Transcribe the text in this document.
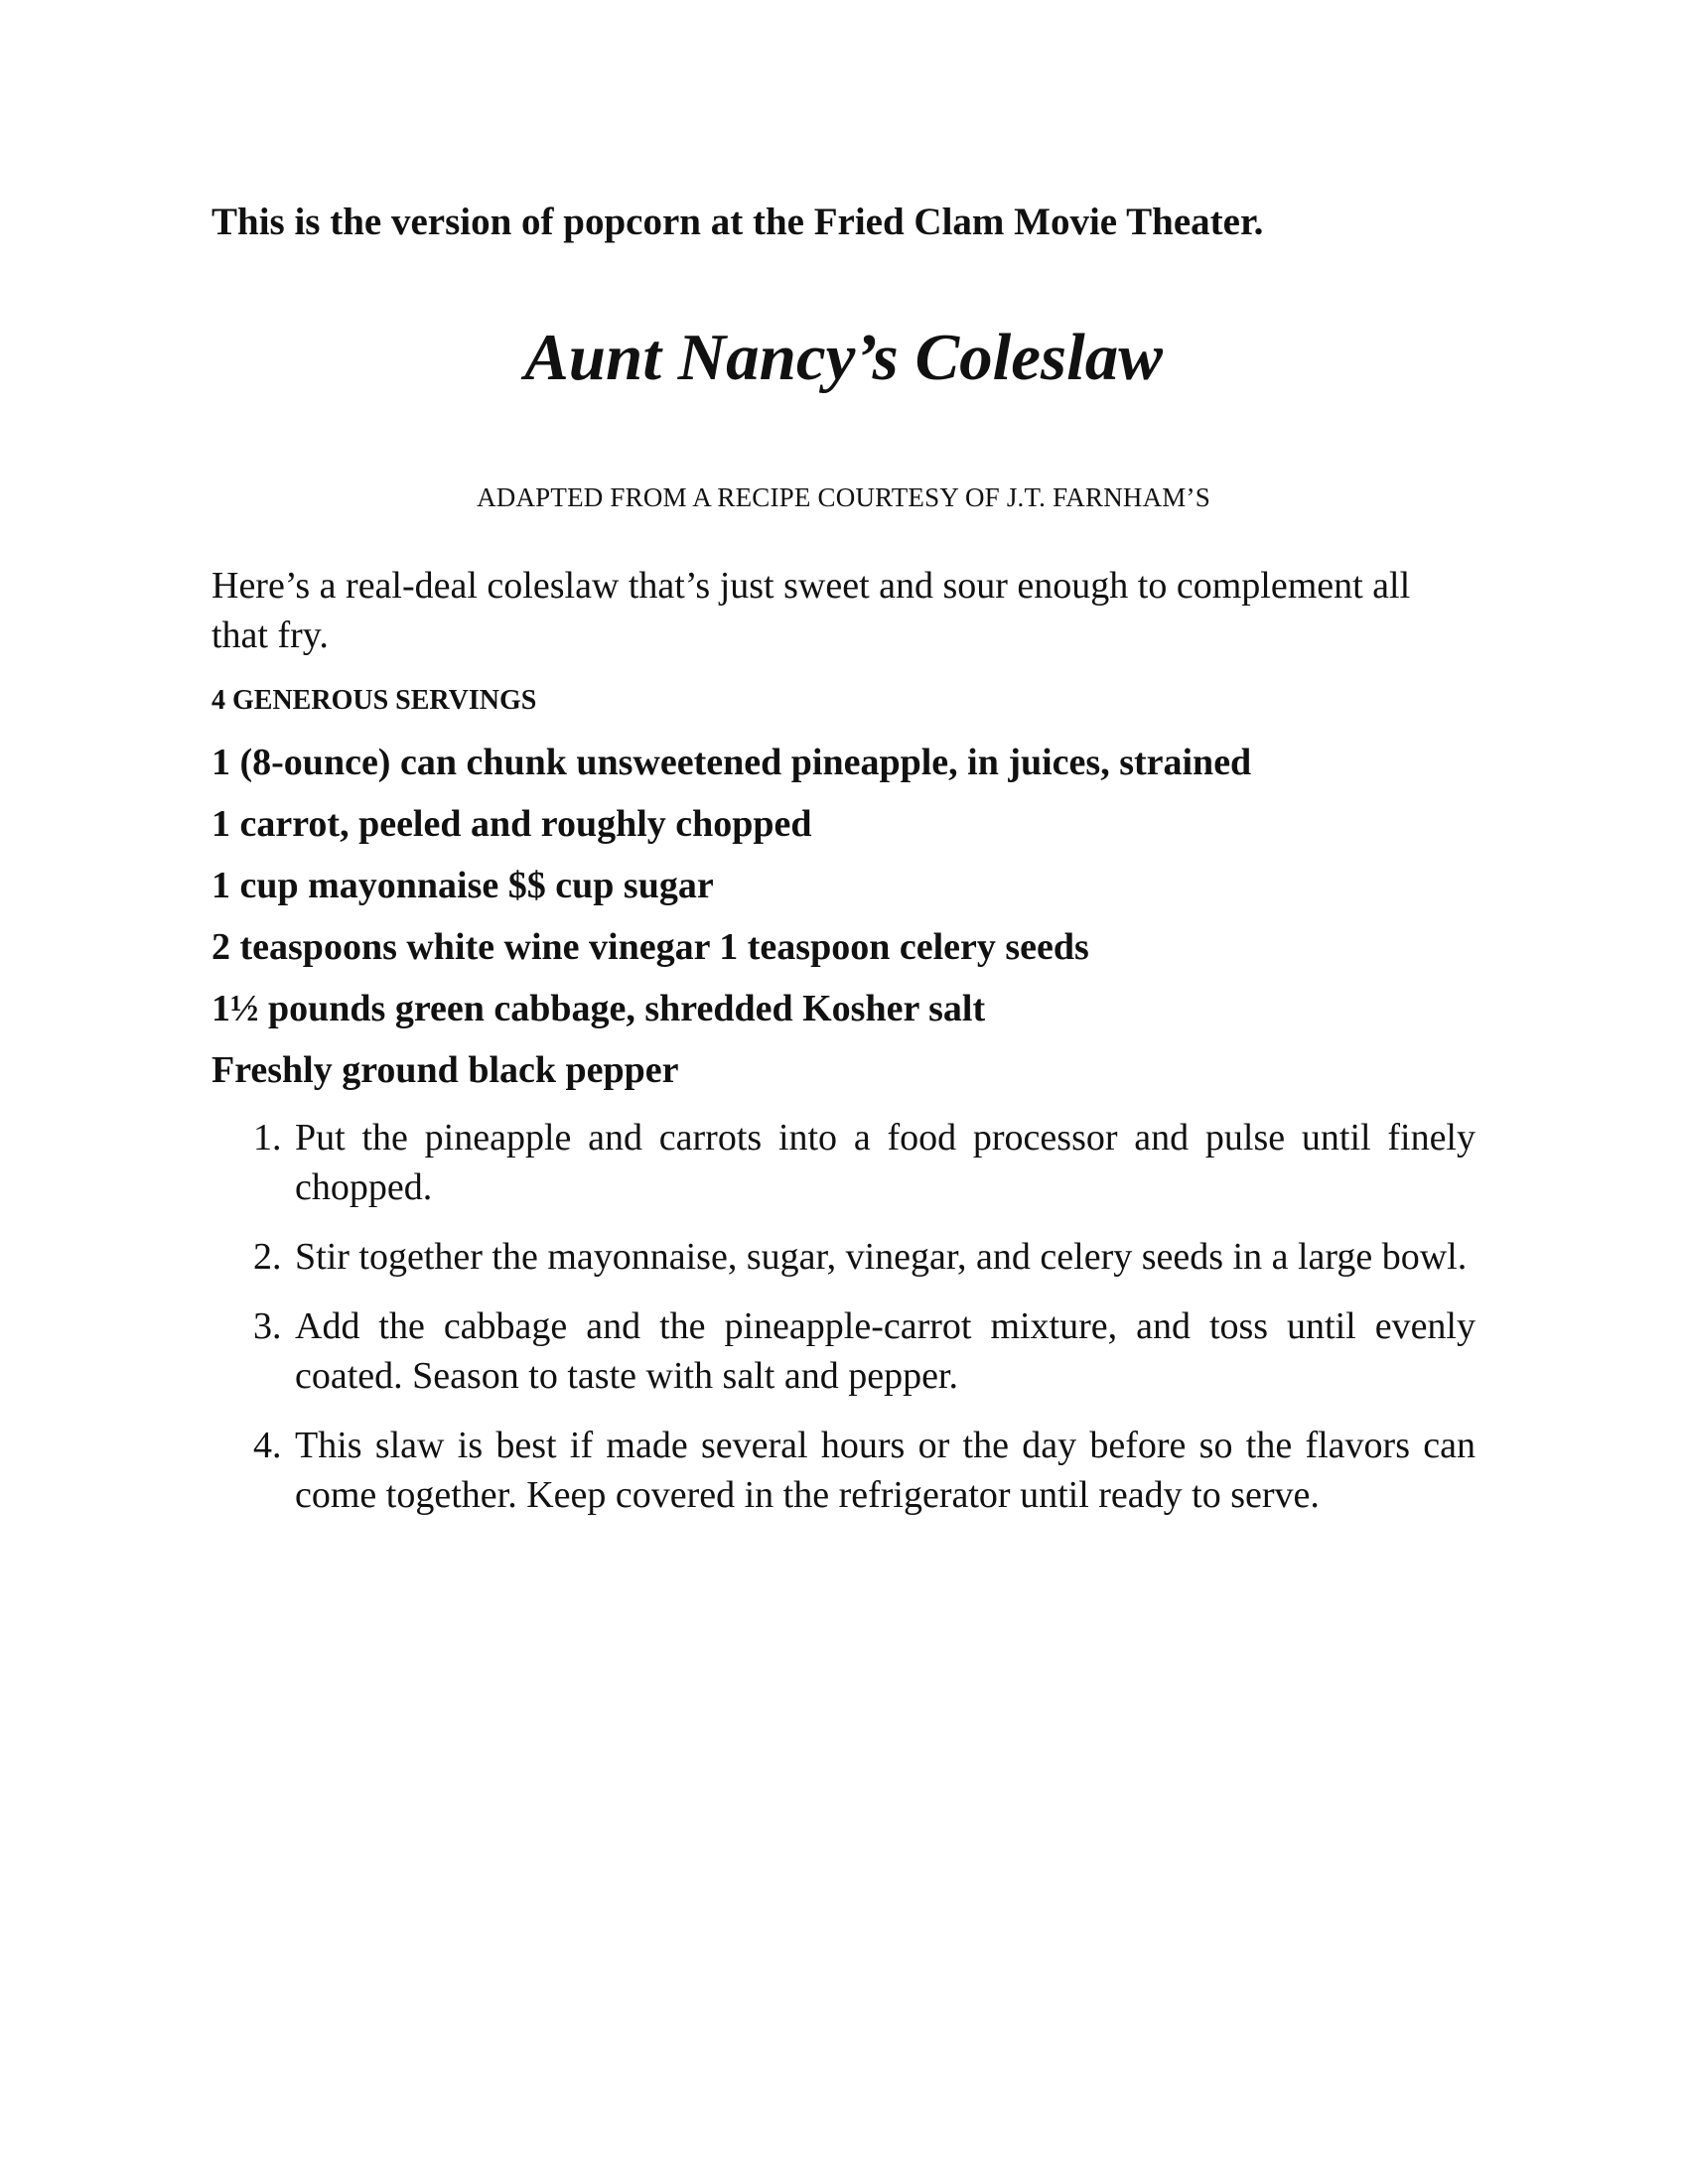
This is the version of popcorn at the Fried Clam Movie Theater.

Aunt Nancy’s Coleslaw

ADAPTED FROM A RECIPE COURTESY OF J.T. FARNHAM’S

Here’s a real-deal coleslaw that’s just sweet and sour enough to complement all that fry.

4 GENEROUS SERVINGS

1 (8-ounce) can chunk unsweetened pineapple, in juices, strained
1 carrot, peeled and roughly chopped
1 cup mayonnaise $$ cup sugar
2 teaspoons white wine vinegar 1 teaspoon celery seeds
1½ pounds green cabbage, shredded Kosher salt
Freshly ground black pepper
1. Put the pineapple and carrots into a food processor and pulse until finely chopped.
2. Stir together the mayonnaise, sugar, vinegar, and celery seeds in a large bowl.
3. Add the cabbage and the pineapple-carrot mixture, and toss until evenly coated. Season to taste with salt and pepper.
4. This slaw is best if made several hours or the day before so the flavors can come together. Keep covered in the refrigerator until ready to serve.
